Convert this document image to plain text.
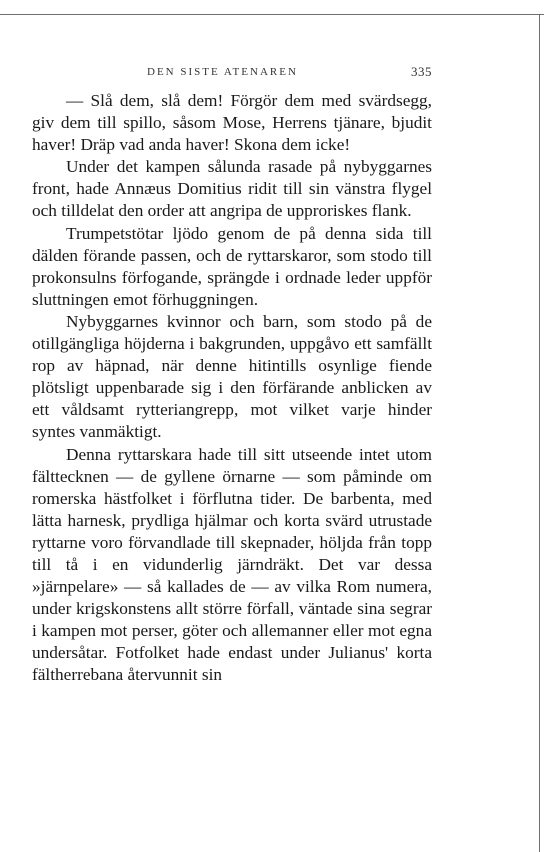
DEN SISTE ATENAREN	335

— Slå dem, slå dem! Förgör dem med svärdsegg, giv dem till spillo, såsom Mose, Herrens tjänare, bjudit haver! Dräp vad anda haver! Skona dem icke!

Under det kampen sålunda rasade på nybyggarnes front, hade Annæus Domitius ridit till sin vänstra flygel och tilldelat den order att angripa de upproriskes flank.

Trumpetstötar ljödo genom de på denna sida till dälden förande passen, och de ryttarskaror, som stodo till prokonsulns förfogande, sprängde i ordnade leder uppför sluttningen emot förhuggningen.

Nybyggarnes kvinnor och barn, som stodo på de otillgängliga höjderna i bakgrunden, uppgåvo ett samfällt rop av häpnad, när denne hitintills osynlige fiende plötsligt uppenbarade sig i den förfärande anblicken av ett våldsamt rytteriangrepp, mot vilket varje hinder syntes vanmäktigt.

Denna ryttarskara hade till sitt utseende intet utom fälttecknen — de gyllene örnarne — som påminde om romerska hästfolket i förflutna tider. De barbenta, med lätta harnesk, prydliga hjälmar och korta svärd utrustade ryttarne voro förvandlade till skepnader, höljda från topp till tå i en vidunderlig järndräkt. Det var dessa »järnpelare» — så kallades de — av vilka Rom numera, under krigskonstens allt större förfall, väntade sina segrar i kampen mot perser, göter och allemanner eller mot egna undersåtar. Fotfolket hade endast under Julianus' korta fältherrebana återvunnit sin
